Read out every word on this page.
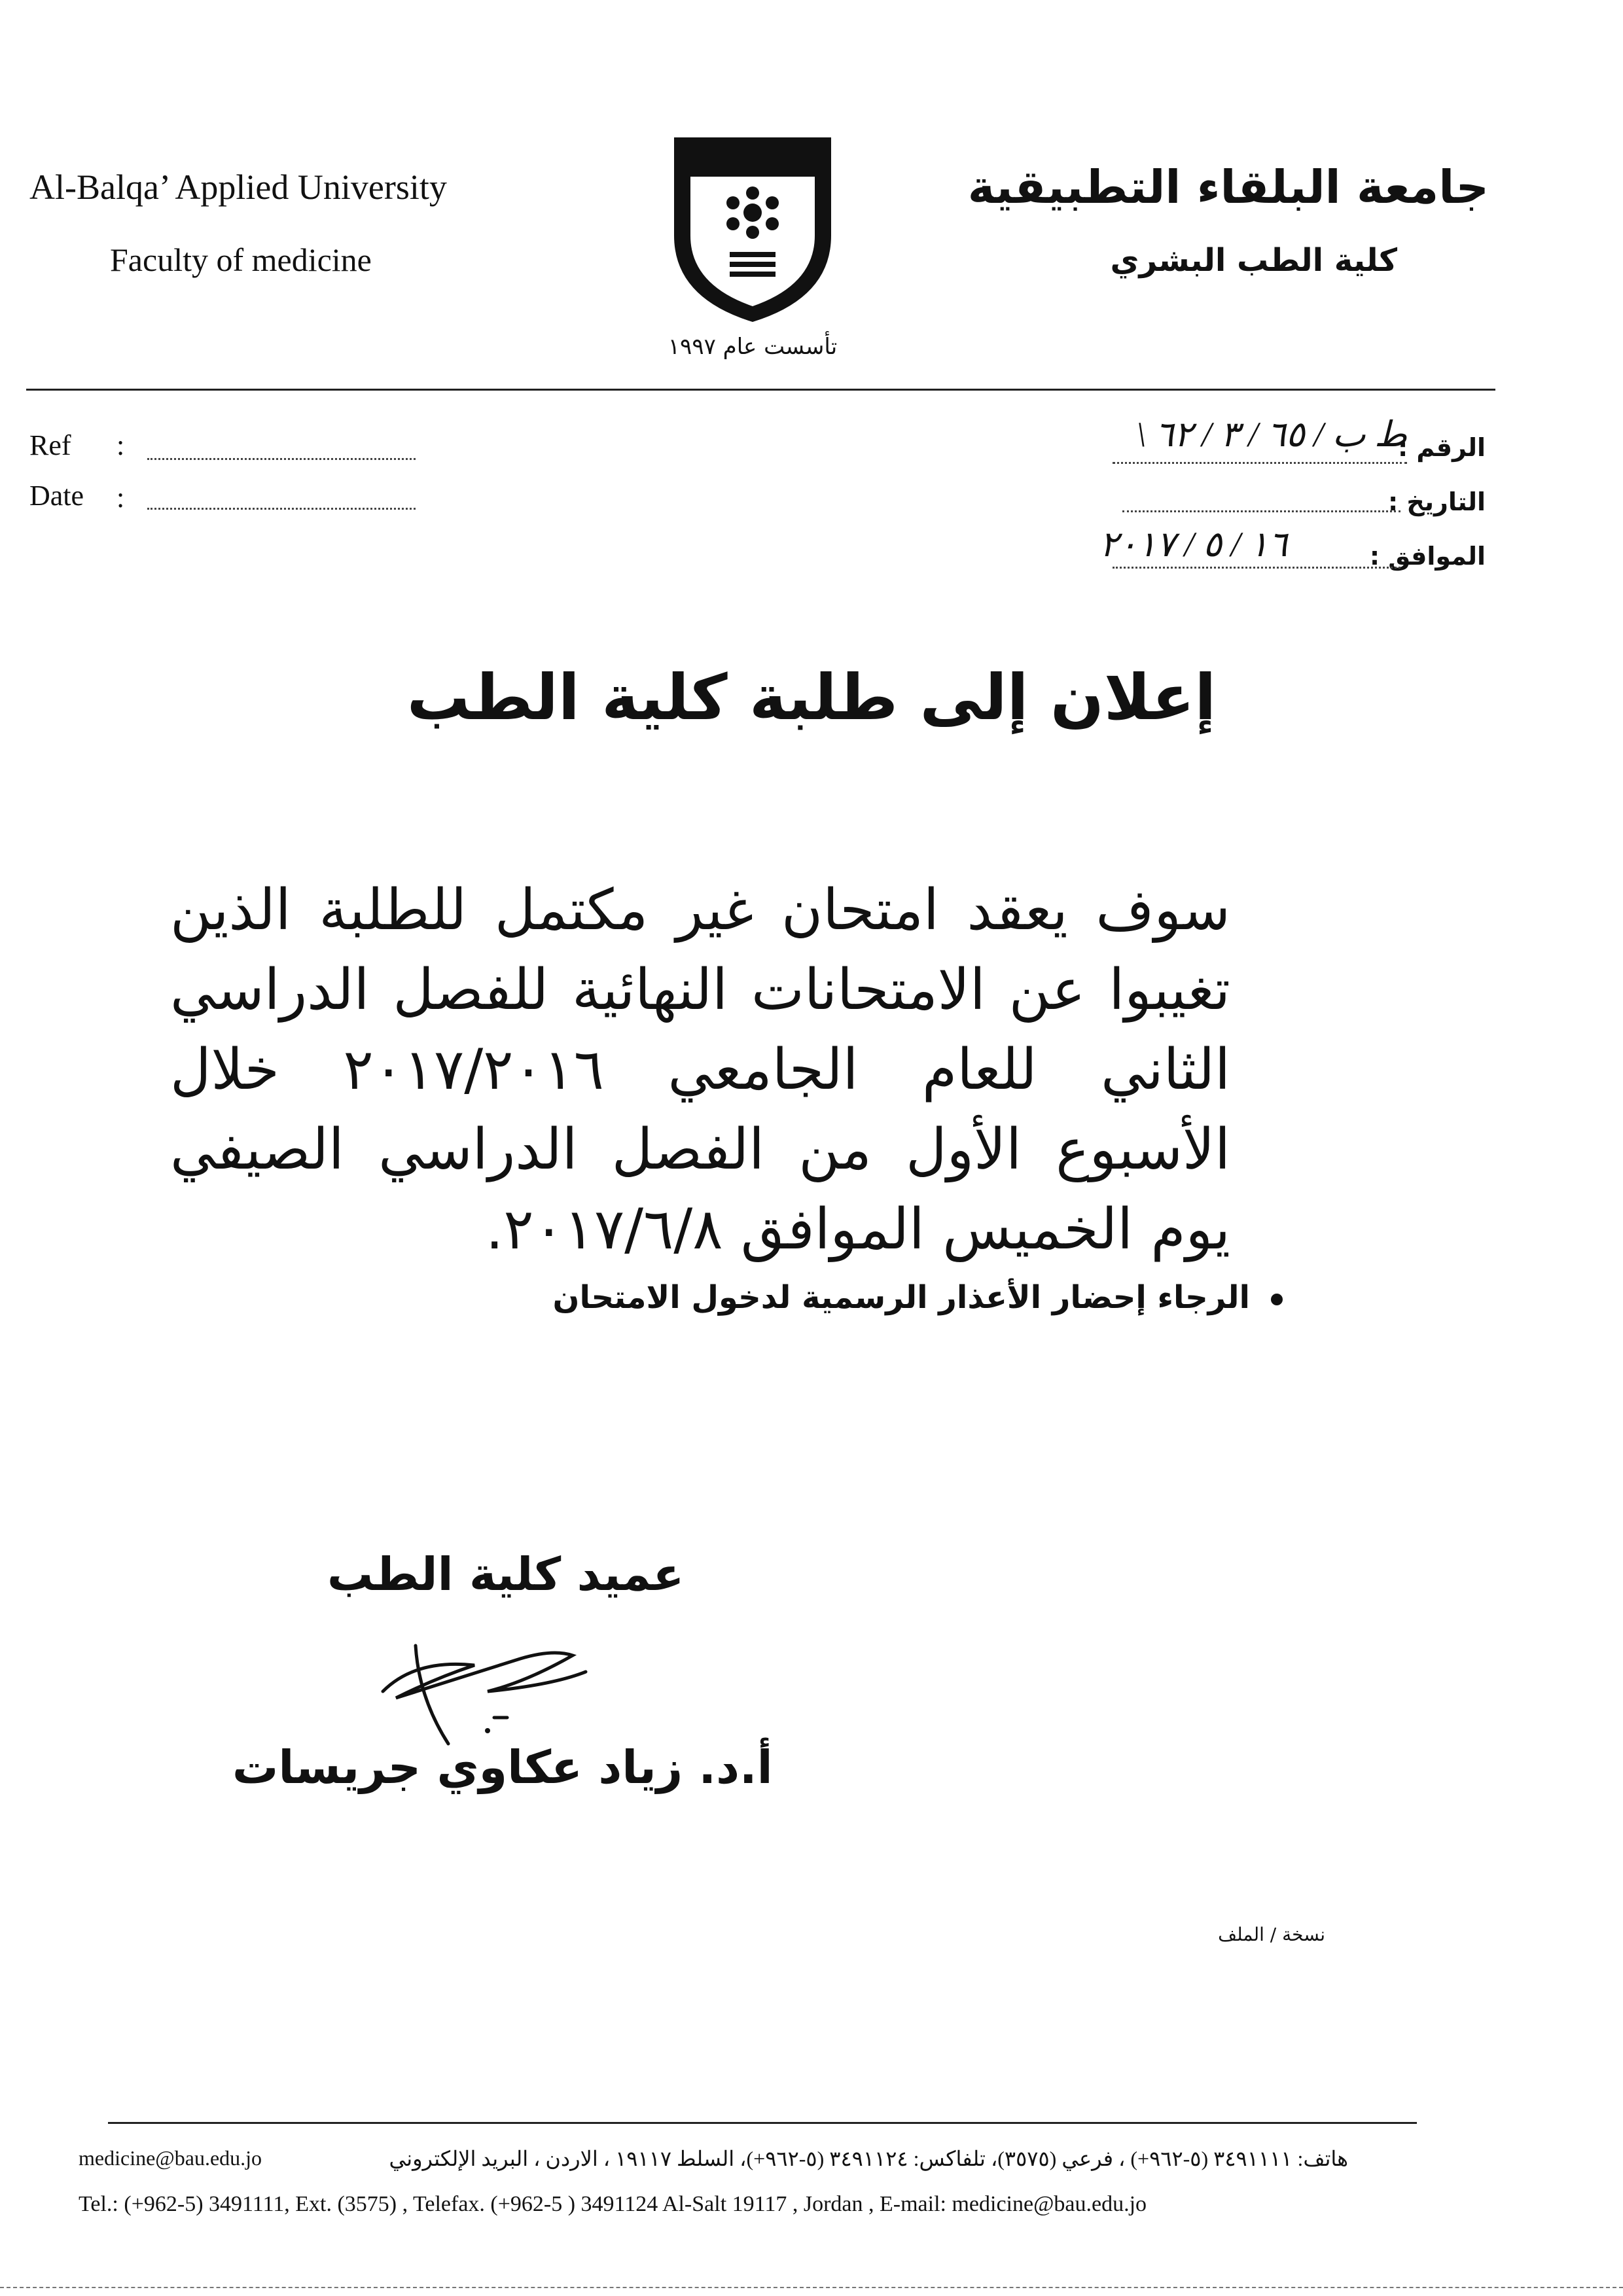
Al-Balqa’ Applied University
Faculty of medicine
جامعة البلقاء التطبيقية
كلية الطب البشري
تأسست عام ١٩٩٧
Ref :
Date :
الرقم :
ط ب / ٦٥ / ٣ / ٦٢ \
التاريخ :
الموافق :
١٦ / ٥ / ٢٠١٧
إعلان إلى طلبة كلية الطب
سوف يعقد امتحان غير مكتمل للطلبة الذين تغيبوا عن الامتحانات النهائية للفصل الدراسي الثاني للعام الجامعي ٢٠١٧/٢٠١٦ خلال الأسبوع الأول من الفصل الدراسي الصيفي يوم الخميس الموافق ٢٠١٧/٦/٨.
الرجاء إحضار الأعذار الرسمية لدخول الامتحان
عميد كلية الطب
أ.د. زياد عكاوي جريسات
نسخة / الملف
medicine@bau.edu.jo	هاتف: ٣٤٩١١١١ (٥-٩٦٢+) ، فرعي (٣٥٧٥)، تلفاكس: ٣٤٩١١٢٤ (٥-٩٦٢+)، السلط ١٩١١٧ ، الاردن ، البريد الإلكتروني
Tel.: (+962-5) 3491111, Ext. (3575) , Telefax. (+962-5 ) 3491124 Al-Salt 19117 , Jordan , E-mail: medicine@bau.edu.jo
